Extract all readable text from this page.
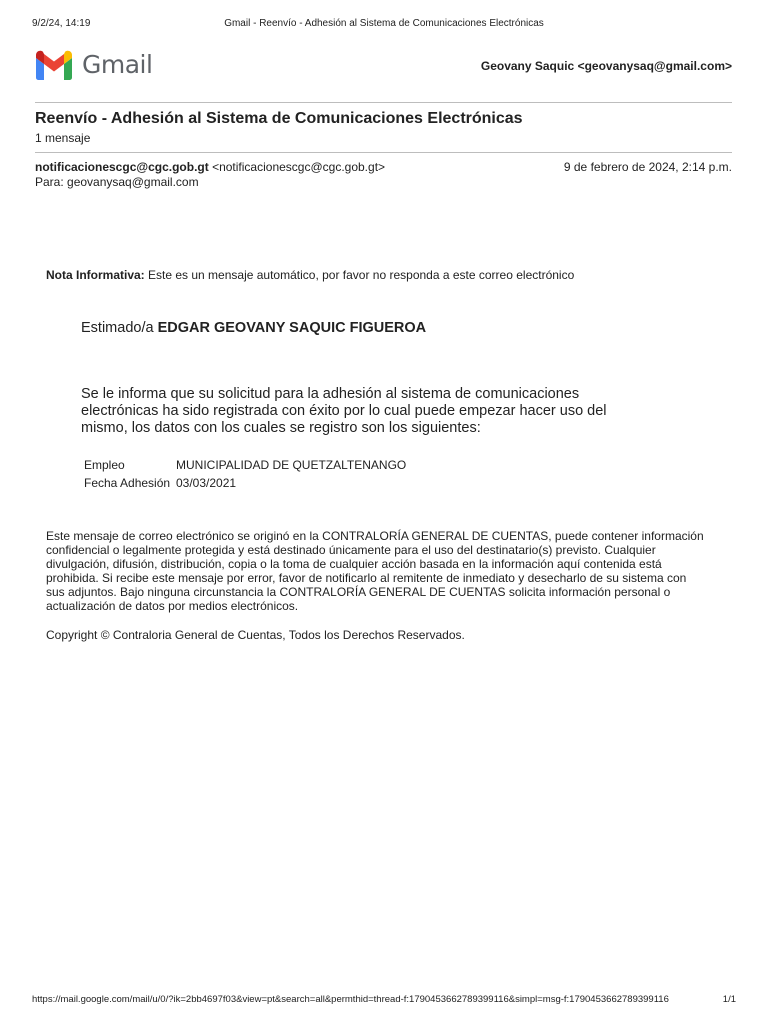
9/2/24, 14:19	Gmail - Reenvío - Adhesión al Sistema de Comunicaciones Electrónicas
Gmail	Geovany Saquic <geovanysaq@gmail.com>
Reenvío - Adhesión al Sistema de Comunicaciones Electrónicas
1 mensaje
notificacionescgc@cgc.gob.gt <notificacionescgc@cgc.gob.gt>	9 de febrero de 2024, 2:14 p.m.
Para: geovanysaq@gmail.com
Nota Informativa: Este es un mensaje automático, por favor no responda a este correo electrónico
Estimado/a EDGAR GEOVANY SAQUIC FIGUEROA
Se le informa que su solicitud para la adhesión al sistema de comunicaciones
electrónicas ha sido registrada con éxito por lo cual puede empezar hacer uso del
mismo, los datos con los cuales se registro son los siguientes:
Empleo	MUNICIPALIDAD DE QUETZALTENANGO
Fecha Adhesión 03/03/2021
Este mensaje de correo electrónico se originó en la CONTRALORÍA GENERAL DE CUENTAS, puede contener información
confidencial o legalmente protegida y está destinado únicamente para el uso del destinatario(s) previsto. Cualquier
divulgación, difusión, distribución, copia o la toma de cualquier acción basada en la información aquí contenida está
prohibida. Si recibe este mensaje por error, favor de notificarlo al remitente de inmediato y desecharlo de su sistema con
sus adjuntos. Bajo ninguna circunstancia la CONTRALORÍA GENERAL DE CUENTAS solicita información personal o
actualización de datos por medios electrónicos.
Copyright © Contraloria General de Cuentas, Todos los Derechos Reservados.
https://mail.google.com/mail/u/0/?ik=2bb4697f03&view=pt&search=all&permthid=thread-f:1790453662789399116&simpl=msg-f:1790453662789399116	1/1
